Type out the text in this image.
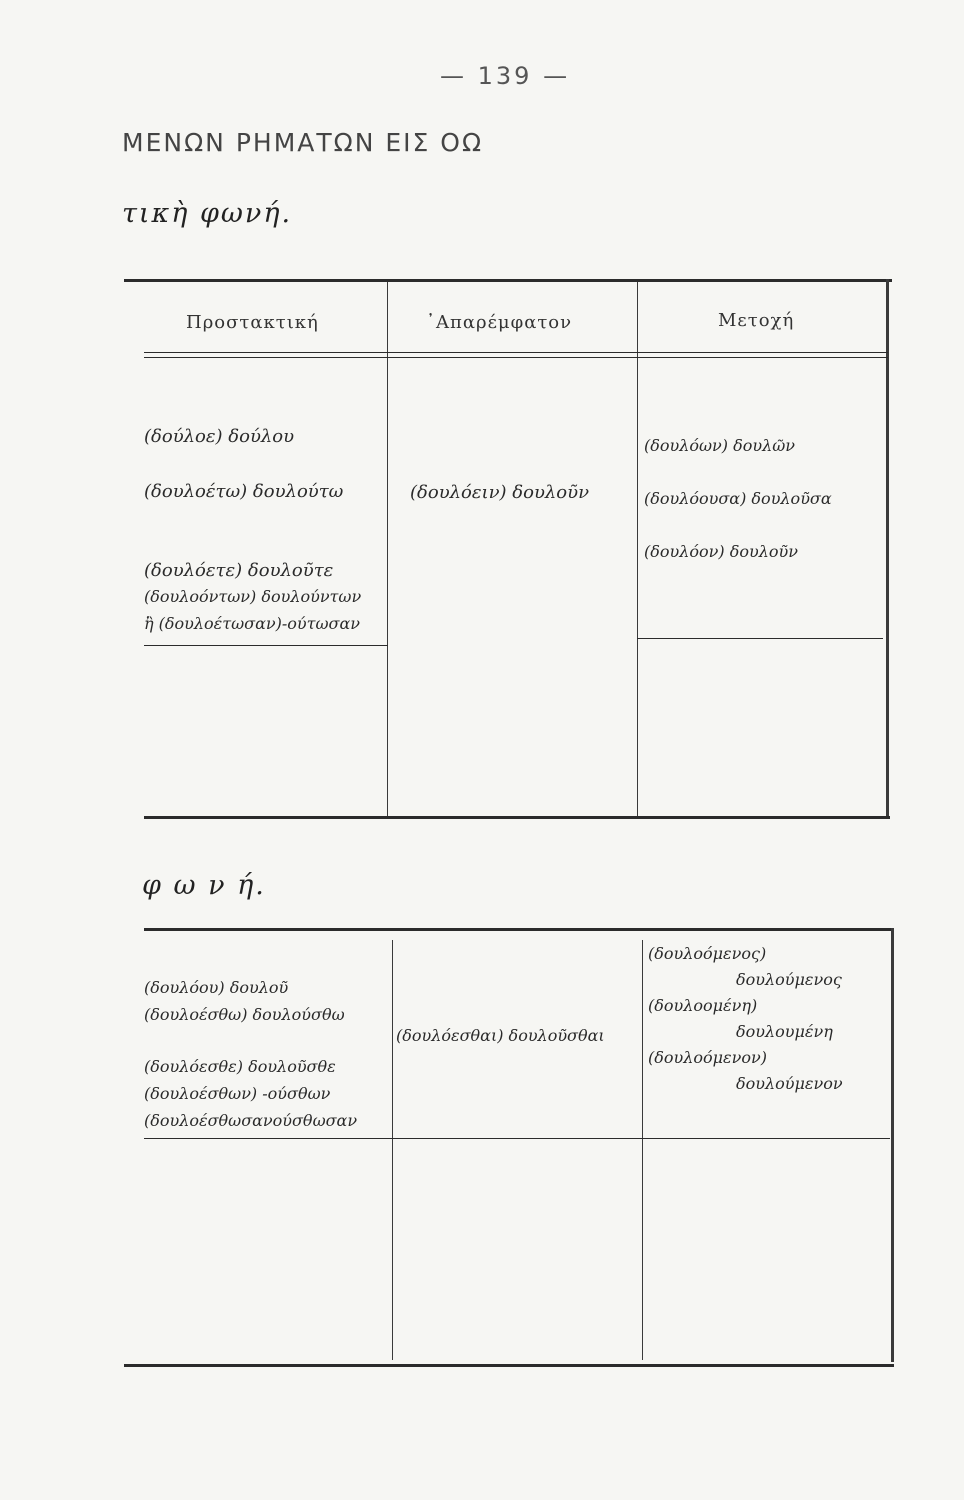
— 139 —
ΜΕΝΩΝ ΡΗΜΑΤΩΝ ΕΙΣ ΟΩ
τικὴ φωνή.
Προστακτική	᾿Απαρέμφατον	Μετοχή
(δούλοε) δούλου
(δουλοέτω) δουλούτω
(δουλόετε) δουλοῦτε
(δουλοόντων) δουλούντων
ἢ (δουλοέτωσαν)-ούτωσαν
(δουλόειν) δουλοῦν
(δουλόων) δουλῶν
(δουλόουσα) δουλοῦσα
(δουλόον) δουλοῦν
φ ω ν ή.
(δουλόου) δουλοῦ
(δουλοέσθω) δουλούσθω
(δουλόεσθε) δουλοῦσθε
(δουλοέσθων) -ούσθων
(δουλοέσθωσανούσθωσαν
(δουλόεσθαι) δουλοῦσθαι
(δουλοόμενος)
δουλούμενος
(δουλοομένη)
δουλουμένη
(δουλοόμενον)
δουλούμενον
